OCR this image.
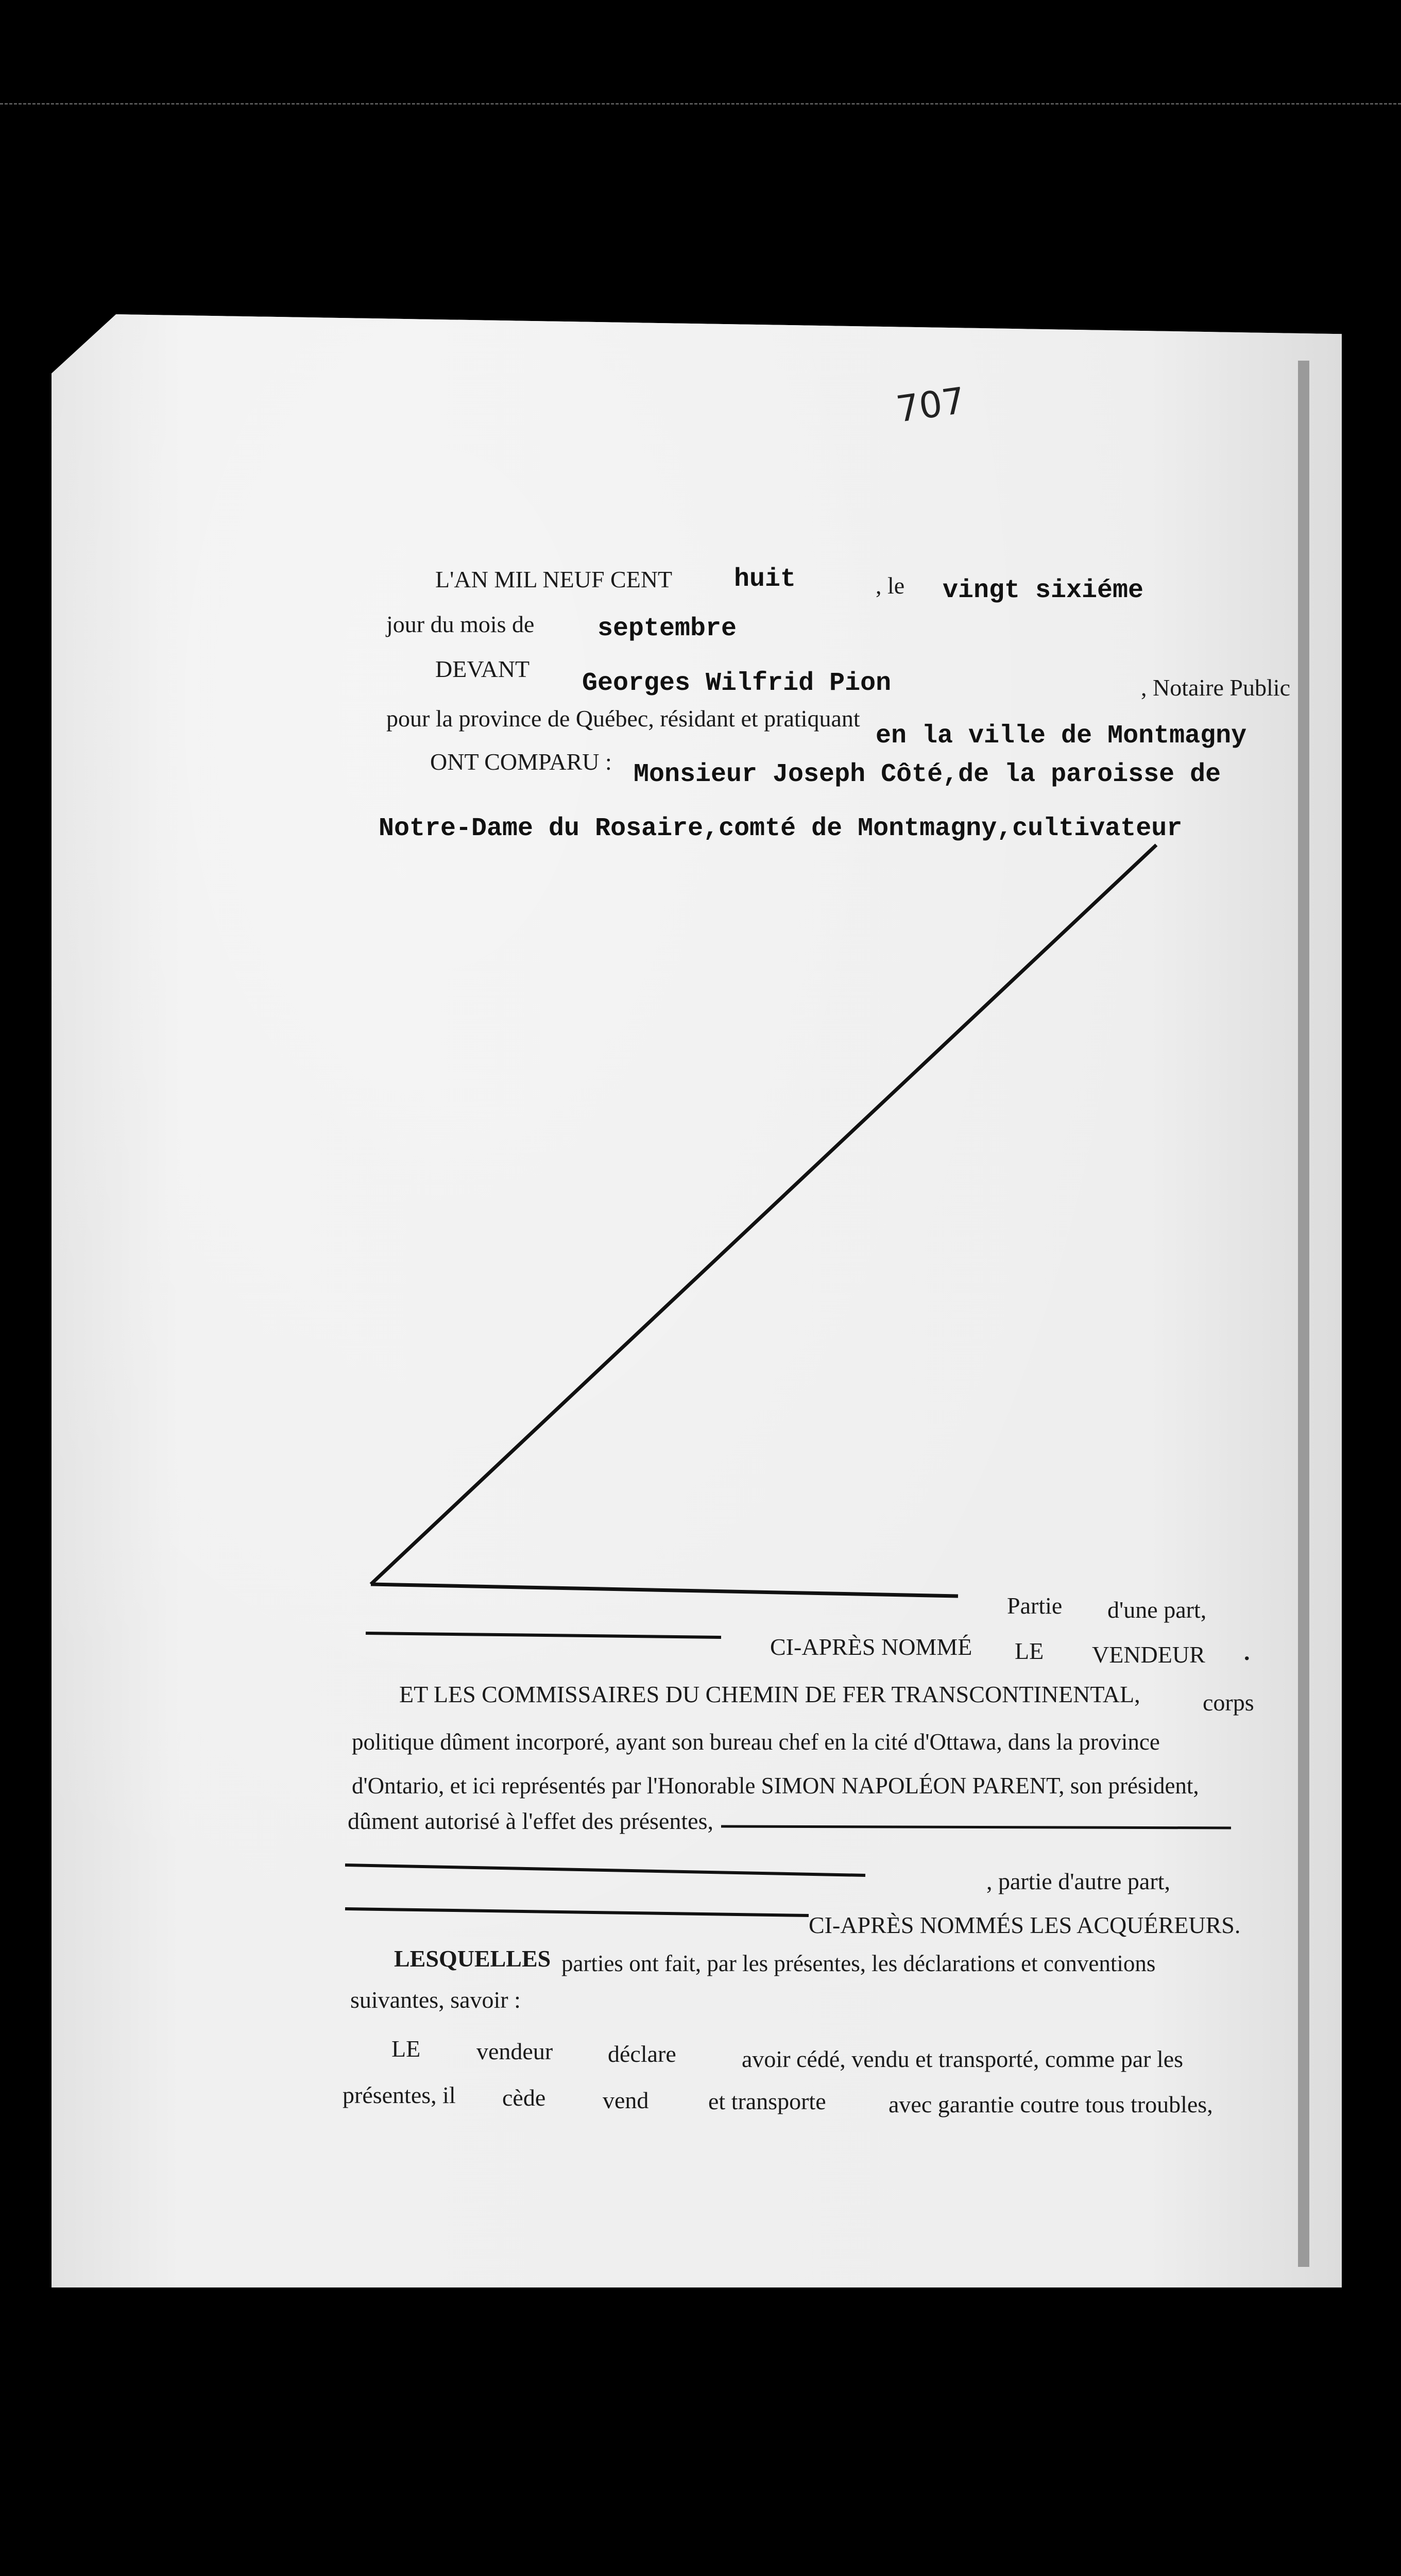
707
L'AN MIL NEUF CENT huit	, le vingt sixiéme
jour du mois de septembre
DEVANT Georges Wilfrid Pion	, Notaire Public
pour la province de Québec, résidant et pratiquant
en la ville de Montmagny
ONT COMPARU : Monsieur Joseph Côté,de la paroisse de
Notre-Dame du Rosaire,comté de Montmagny,cultivateur
Partie d'une part,
CI-APRÈS NOMMÉ LE VENDEUR .
ET LES COMMISSAIRES DU CHEMIN DE FER TRANSCONTINENTAL,	corps
politique dûment incorporé, ayant son bureau chef en la cité d'Ottawa, dans la province
d'Ontario, et ici représentés par l'Honorable SIMON NAPOLÉON PARENT, son président,
dûment autorisé à l'effet des présentes,
, partie d'autre part,
CI-APRÈS NOMMÉS LES ACQUÉREURS.
LESQUELLES parties ont fait, par les présentes, les déclarations et conventions
suivantes, savoir :
LE vendeur déclare	avoir cédé, vendu et transporté, comme par les
présentes, il cède vend	et transporte	avec garantie coutre tous troubles,
